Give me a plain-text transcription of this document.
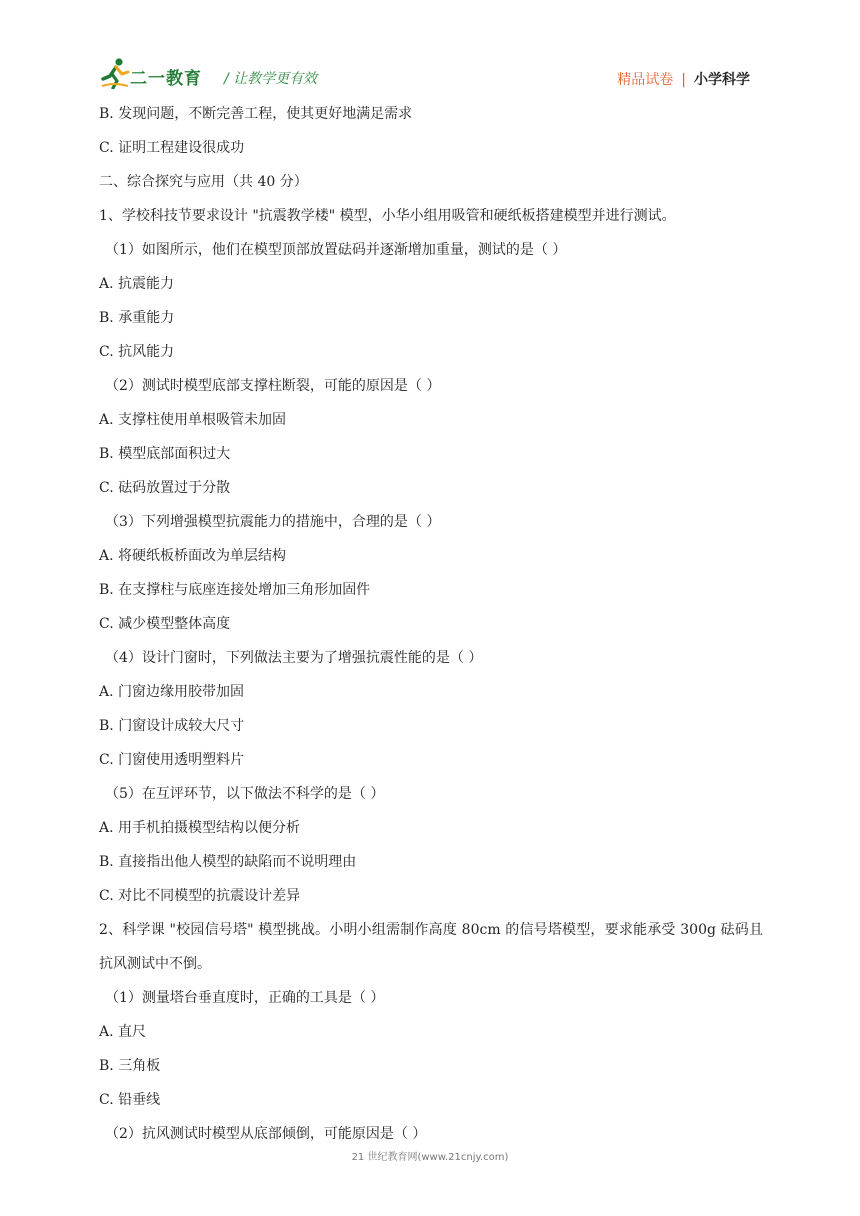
二一教育 / 让教学更有效	精品试卷 | 小学科学
B. 发现问题，不断完善工程，使其更好地满足需求
C. 证明工程建设很成功
二、综合探究与应用（共 40 分）
1、学校科技节要求设计 "抗震教学楼" 模型，小华小组用吸管和硬纸板搭建模型并进行测试。
（1）如图所示，他们在模型顶部放置砝码并逐渐增加重量，测试的是（ ）
A. 抗震能力
B. 承重能力
C. 抗风能力
（2）测试时模型底部支撑柱断裂，可能的原因是（ ）
A. 支撑柱使用单根吸管未加固
B. 模型底部面积过大
C. 砝码放置过于分散
（3）下列增强模型抗震能力的措施中，合理的是（ ）
A. 将硬纸板桥面改为单层结构
B. 在支撑柱与底座连接处增加三角形加固件
C. 减少模型整体高度
（4）设计门窗时，下列做法主要为了增强抗震性能的是（ ）
A. 门窗边缘用胶带加固
B. 门窗设计成较大尺寸
C. 门窗使用透明塑料片
（5）在互评环节，以下做法不科学的是（ ）
A. 用手机拍摄模型结构以便分析
B. 直接指出他人模型的缺陷而不说明理由
C. 对比不同模型的抗震设计差异
2、科学课 "校园信号塔" 模型挑战。小明小组需制作高度 80cm 的信号塔模型，要求能承受 300g 砝码且抗风测试中不倒。
（1）测量塔台垂直度时，正确的工具是（ ）
A. 直尺
B. 三角板
C. 铅垂线
（2）抗风测试时模型从底部倾倒，可能原因是（ ）
21 世纪教育网(www.21cnjy.com)
